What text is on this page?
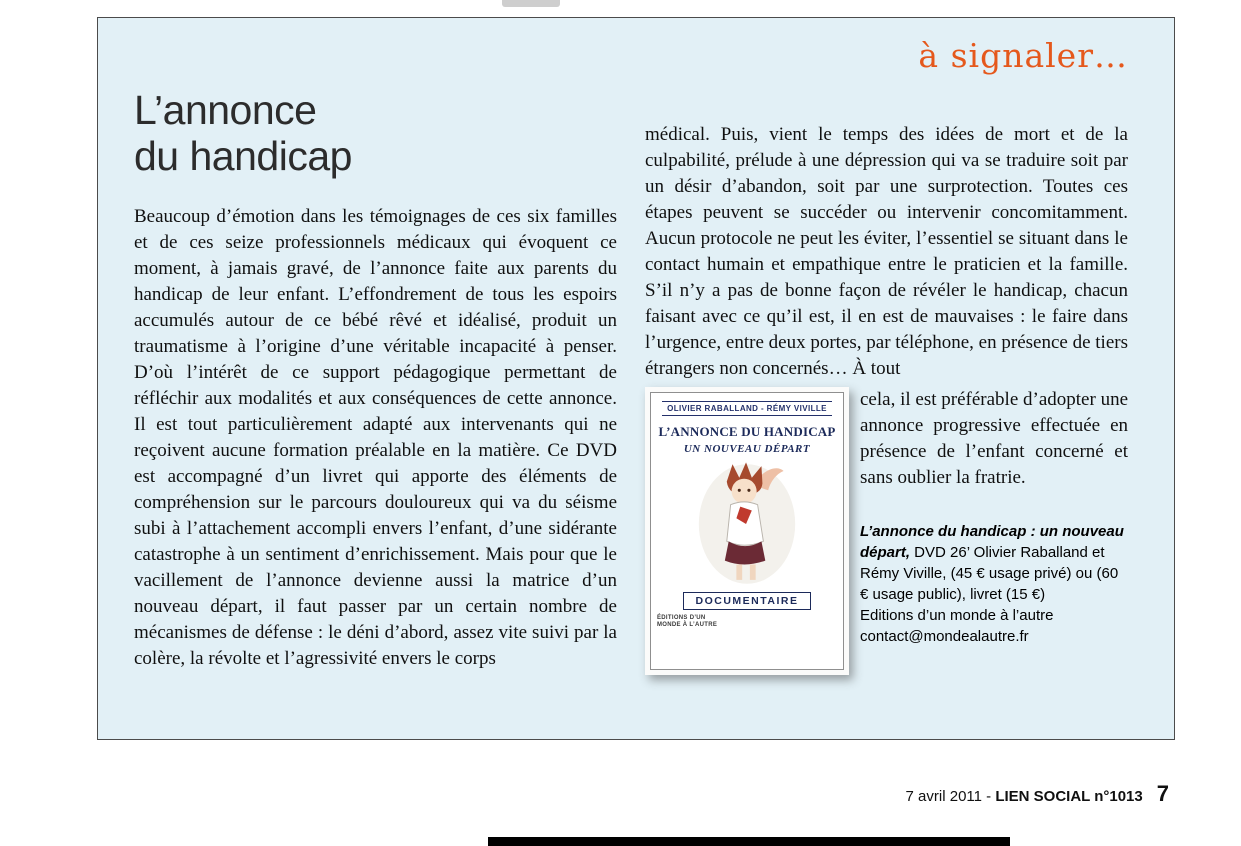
à signaler…
L’annonce
du handicap

Beaucoup d’émotion dans les témoignages de ces six familles et de ces seize professionnels médicaux qui évoquent ce moment, à jamais gravé, de l’annonce faite aux parents du handicap de leur enfant. L’effondrement de tous les espoirs accumulés autour de ce bébé rêvé et idéalisé, produit un traumatisme à l’origine d’une véritable incapacité à penser. D’où l’intérêt de ce support pédagogique permettant de réfléchir aux modalités et aux conséquences de cette annonce. Il est tout particulièrement adapté aux intervenants qui ne reçoivent aucune formation préalable en la matière. Ce DVD est accompagné d’un livret qui apporte des éléments de compréhension sur le parcours douloureux qui va du séisme subi à l’attachement accompli envers l’enfant, d’une sidérante catastrophe à un sentiment d’enrichissement. Mais pour que le vacillement de l’annonce devienne aussi la matrice d’un nouveau départ, il faut passer par un certain nombre de mécanismes de défense : le déni d’abord, assez vite suivi par la colère, la révolte et l’agressivité envers le corps

médical. Puis, vient le temps des idées de mort et de la culpabilité, prélude à une dépression qui va se traduire soit par un désir d’abandon, soit par une surprotection. Toutes ces étapes peuvent se succéder ou intervenir concomitamment. Aucun protocole ne peut les éviter, l’essentiel se situant dans le contact humain et empathique entre le praticien et la famille. S’il n’y a pas de bonne façon de révéler le handicap, chacun faisant avec ce qu’il est, il en est de mauvaises : le faire dans l’urgence, entre deux portes, par téléphone, en présence de tiers étrangers non concernés… À tout

OLIVIER RABALLAND - RÉMY VIVILLE
L’ANNONCE DU HANDICAP
UN NOUVEAU DÉPART
DOCUMENTAIRE
ÉDITIONS D’UN MONDE À L’AUTRE

cela, il est préférable d’adopter une annonce progressive effectuée en présence de l’enfant concerné et sans oublier la fratrie.

L’annonce du handicap : un nouveau départ, DVD 26’ Olivier Raballand et Rémy Viville, (45 € usage privé) ou (60 € usage public), livret (15 €)
Editions d’un monde à l’autre
contact@mondealautre.fr
7 avril 2011 - LIEN SOCIAL n°1013 7
